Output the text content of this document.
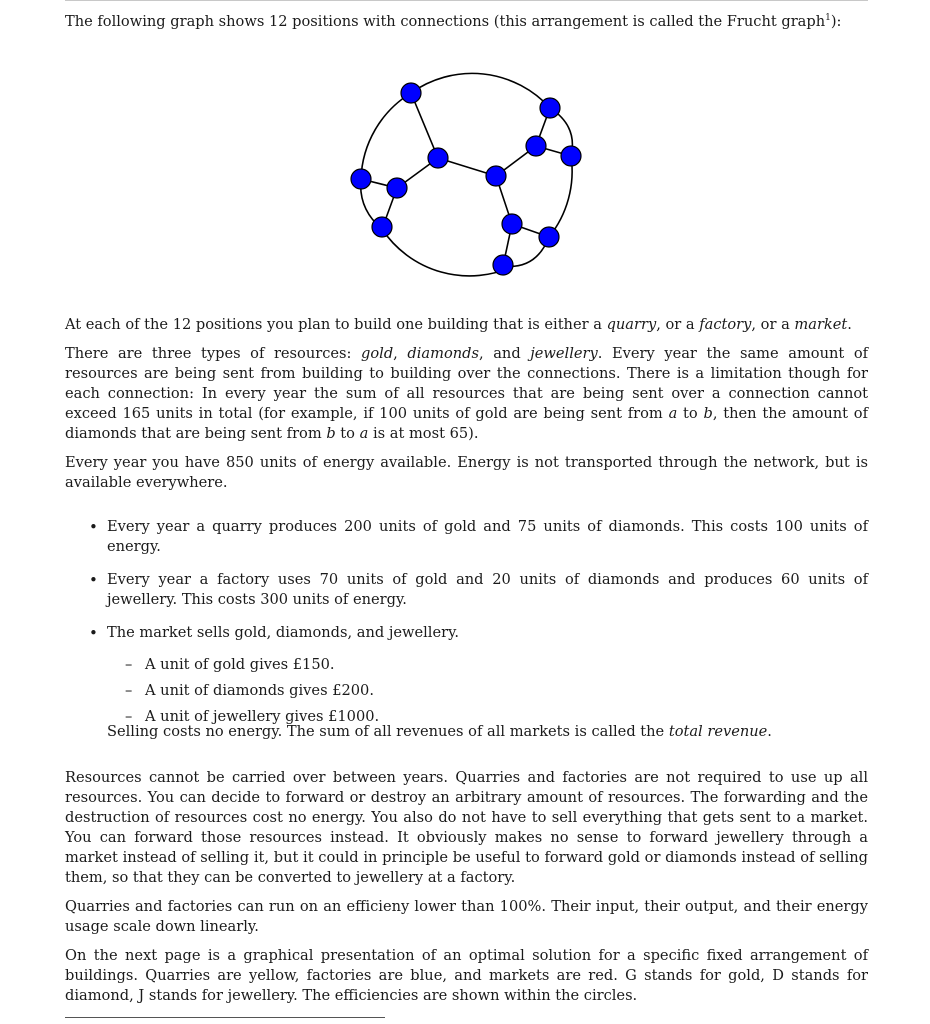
The following graph shows 12 positions with connections (this arrangement is called the Frucht graph$^1$):

At each of the 12 positions you plan to build one building that is either a quarry, or a factory, or a market.

There are three types of resources: gold, diamonds, and jewellery. Every year the same amount of resources are being sent from building to building over the connections. There is a limitation though for each connection: In every year the sum of all resources that are being sent over a connection cannot exceed 165 units in total (for example, if 100 units of gold are being sent from a to b, then the amount of diamonds that are being sent from b to a is at most 65).

Every year you have 850 units of energy available. Energy is not transported through the network, but is available everywhere.

• Every year a quarry produces 200 units of gold and 75 units of diamonds. This costs 100 units of energy.
• Every year a factory uses 70 units of gold and 20 units of diamonds and produces 60 units of jewellery. This costs 300 units of energy.
• The market sells gold, diamonds, and jewellery.
– A unit of gold gives £150.
– A unit of diamonds gives £200.
– A unit of jewellery gives £1000.

Selling costs no energy. The sum of all revenues of all markets is called the total revenue.

Resources cannot be carried over between years. Quarries and factories are not required to use up all resources. You can decide to forward or destroy an arbitrary amount of resources. The forwarding and the destruction of resources cost no energy. You also do not have to sell everything that gets sent to a market. You can forward those resources instead. It obviously makes no sense to forward jewellery through a market instead of selling it, but it could in principle be useful to forward gold or diamonds instead of selling them, so that they can be converted to jewellery at a factory.

Quarries and factories can run on an efficieny lower than 100%. Their input, their output, and their energy usage scale down linearly.

On the next page is a graphical presentation of an optimal solution for a specific fixed arrangement of buildings. Quarries are yellow, factories are blue, and markets are red. G stands for gold, D stands for diamond, J stands for jewellery. The efficiencies are shown within the circles.
